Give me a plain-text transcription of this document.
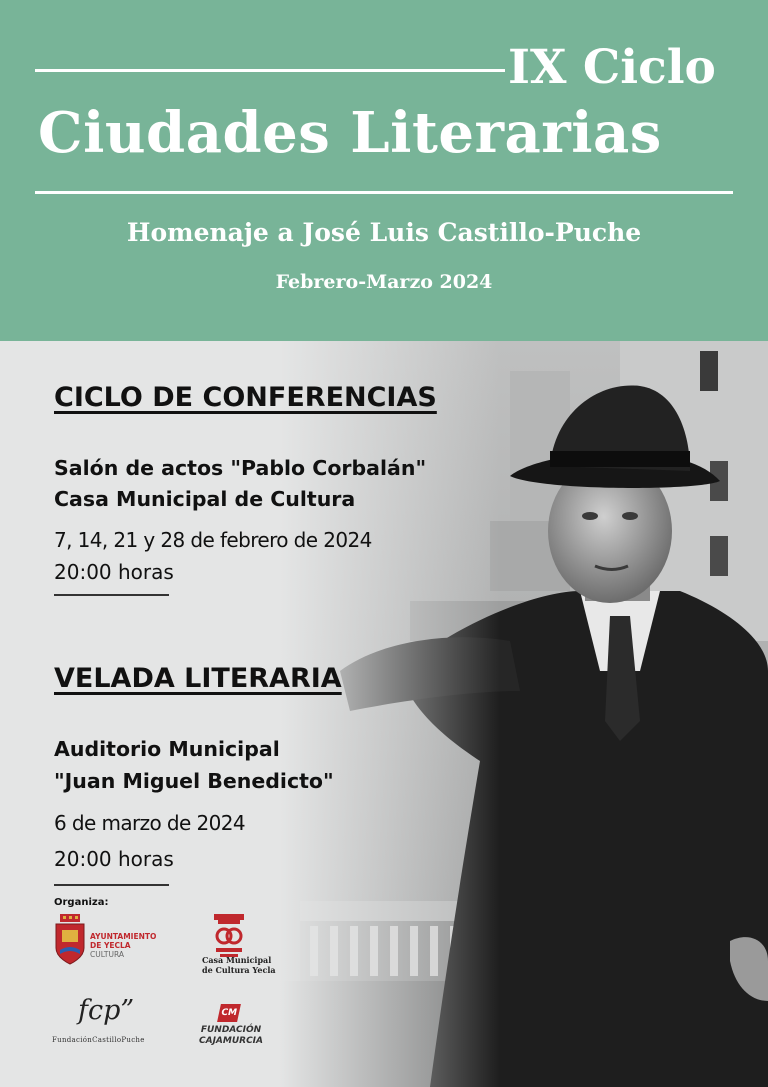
IX Ciclo
Ciudades Literarias
Homenaje a José Luis Castillo-Puche
Febrero-Marzo 2024
CICLO DE CONFERENCIAS
Salón de actos "Pablo Corbalán"
Casa Municipal de Cultura
7, 14, 21 y 28 de febrero de 2024
20:00 horas
VELADA LITERARIA
Auditorio Municipal
"Juan Miguel Benedicto"
6 de marzo de 2024
20:00 horas
Organiza:
AYUNTAMIENTO
DE YECLA
CULTURA
Casa Municipal
de Cultura Yecla
fcp”
FundaciónCastilloPuche
CM
FUNDACIÓN
CAJAMURCIA
